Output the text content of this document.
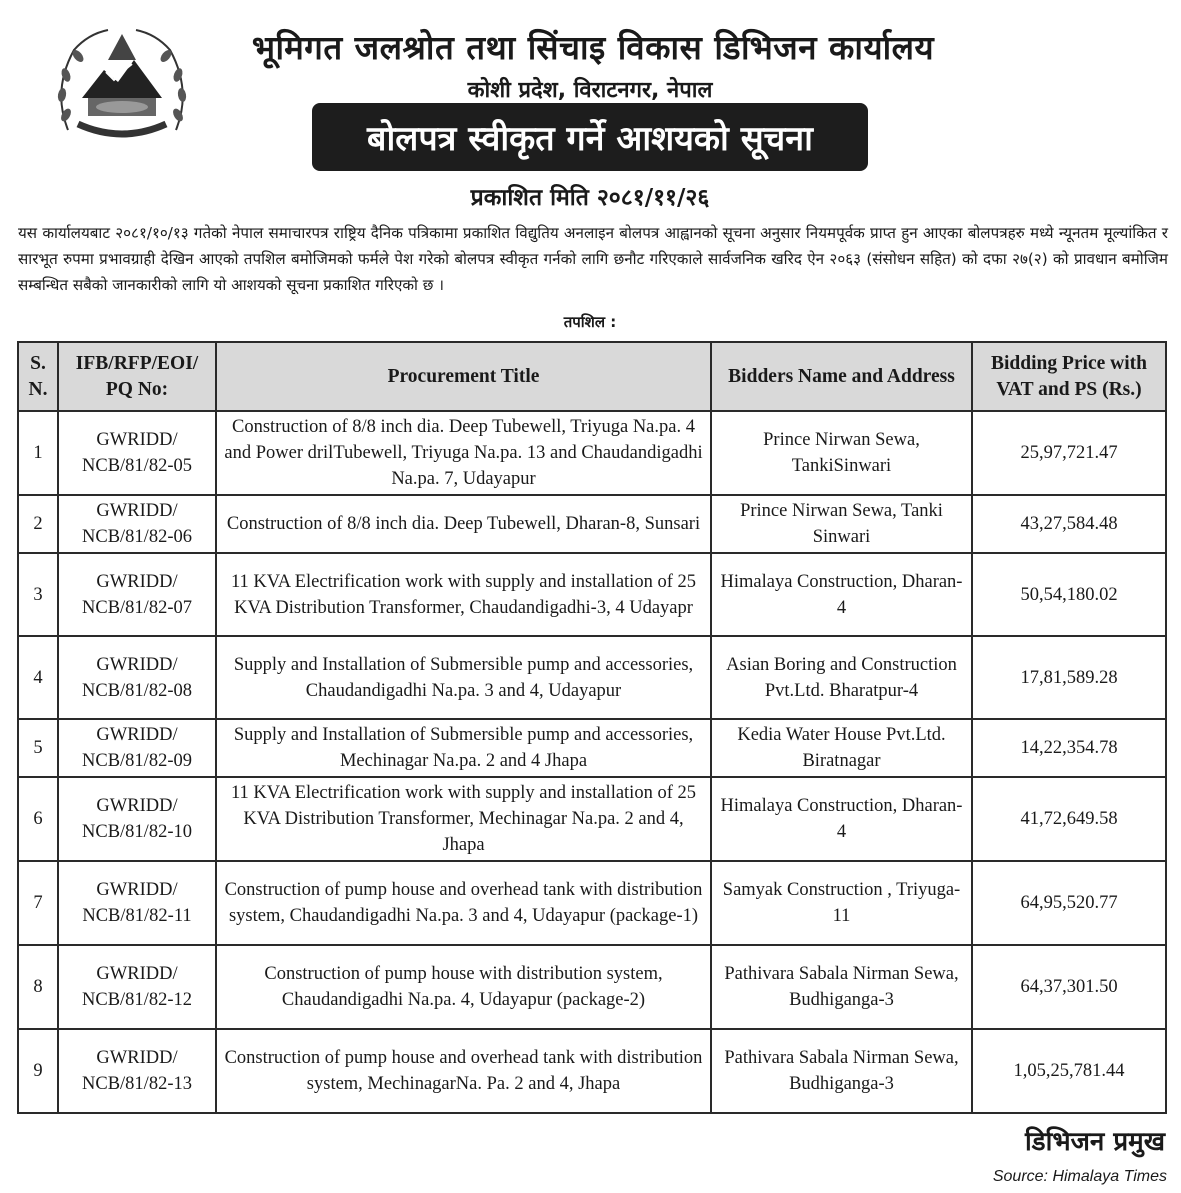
भूमिगत जलश्रोत तथा सिंचाइ विकास डिभिजन कार्यालय
कोशी प्रदेश, विराटनगर, नेपाल
बोलपत्र स्वीकृत गर्ने आशयको सूचना
प्रकाशित मिति २०८१/११/२६
यस कार्यालयबाट २०८१/१०/१३ गतेको नेपाल समाचारपत्र राष्ट्रिय दैनिक पत्रिकामा प्रकाशित विद्युतिय अनलाइन बोलपत्र आह्वानको सूचना अनुसार नियमपूर्वक प्राप्त हुन आएका बोलपत्रहरु मध्ये न्यूनतम मूल्यांकित र सारभूत रुपमा प्रभावग्राही देखिन आएको तपशिल बमोजिमको फर्मले पेश गरेको बोलपत्र स्वीकृत गर्नको लागि छनौट गरिएकाले सार्वजनिक खरिद ऐन २०६३ (संसोधन सहित) को दफा २७(२) को प्रावधान बमोजिम सम्बन्धित सबैको जानकारीको लागि यो आशयको सूचना प्रकाशित गरिएको छ ।
तपशिल :
S. N.	IFB/RFP/EOI/ PQ No:	Procurement Title	Bidders Name and Address	Bidding Price with VAT and PS (Rs.)
1	GWRIDD/ NCB/81/82-05	Construction of 8/8 inch dia. Deep Tubewell, Triyuga Na.pa. 4 and Power drilTubewell, Triyuga Na.pa. 13 and Chaudandigadhi Na.pa. 7, Udayapur	Prince Nirwan Sewa, TankiSinwari	25,97,721.47
2	GWRIDD/ NCB/81/82-06	Construction of 8/8 inch dia. Deep Tubewell, Dharan-8, Sunsari	Prince Nirwan Sewa, Tanki Sinwari	43,27,584.48
3	GWRIDD/ NCB/81/82-07	11 KVA Electrification work with supply and installation of 25 KVA Distribution Transformer, Chaudandigadhi-3, 4 Udayapr	Himalaya Construction, Dharan-4	50,54,180.02
4	GWRIDD/ NCB/81/82-08	Supply and Installation of Submersible pump and accessories, Chaudandigadhi Na.pa. 3 and 4, Udayapur	Asian Boring and Construction Pvt.Ltd. Bharatpur-4	17,81,589.28
5	GWRIDD/ NCB/81/82-09	Supply and Installation of Submersible pump and accessories, Mechinagar Na.pa. 2 and 4 Jhapa	Kedia Water House Pvt.Ltd. Biratnagar	14,22,354.78
6	GWRIDD/ NCB/81/82-10	11 KVA Electrification work with supply and installation of 25 KVA Distribution Transformer, Mechinagar Na.pa. 2 and 4, Jhapa	Himalaya Construction, Dharan-4	41,72,649.58
7	GWRIDD/ NCB/81/82-11	Construction of pump house and overhead tank with distribution system, Chaudandigadhi Na.pa. 3 and 4, Udayapur (package-1)	Samyak Construction , Triyuga-11	64,95,520.77
8	GWRIDD/ NCB/81/82-12	Construction of pump house with distribution system, Chaudandigadhi Na.pa. 4, Udayapur (package-2)	Pathivara Sabala Nirman Sewa, Budhiganga-3	64,37,301.50
9	GWRIDD/ NCB/81/82-13	Construction of pump house and overhead tank with distribution system, MechinagarNa. Pa. 2 and 4, Jhapa	Pathivara Sabala Nirman Sewa, Budhiganga-3	1,05,25,781.44
डिभिजन प्रमुख
Source: Himalaya Times
